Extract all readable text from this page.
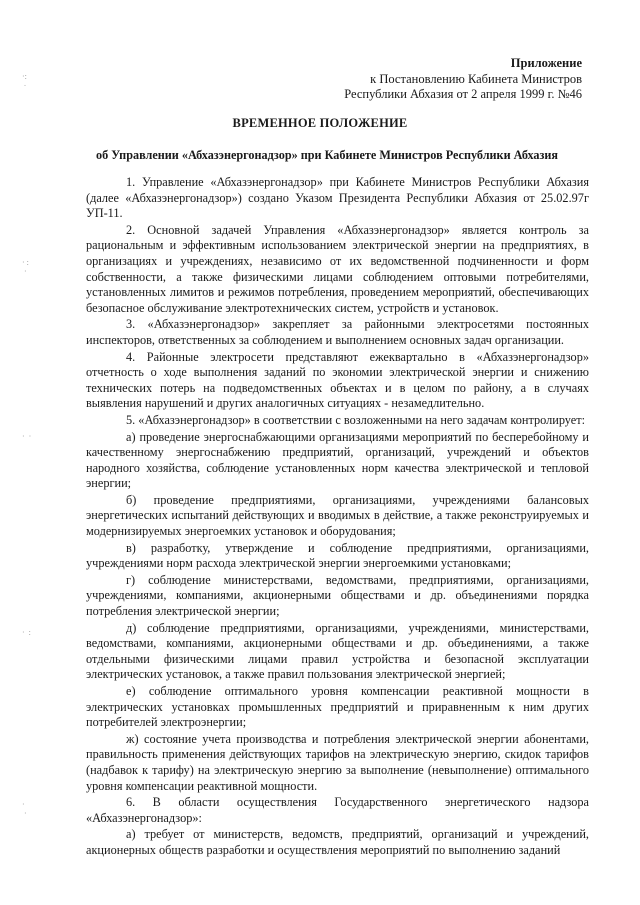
·:
∙
· :
·
·  ·
·  :
·
·
Приложение
к Постановлению Кабинета Министров
Республики Абхазия от 2 апреля 1999 г. №46
ВРЕМЕННОЕ ПОЛОЖЕНИЕ
об Управлении «Абхазэнергонадзор» при Кабинете Министров Республики Абхазия

1. Управление «Абхазэнергонадзор» при Кабинете Министров Республики Абхазия (далее «Абхазэнергонадзор») создано Указом Президента Республики Абхазия от 25.02.97г УП-11.

2. Основной задачей Управления «Абхазэнергонадзор» является контроль за рациональным и эффективным использованием электрической энергии на предприятиях, в организациях и учреждениях, независимо от их ведомственной подчиненности и форм собственности, а также физическими лицами соблюдением оптовыми потребителями, установленных лимитов и режимов потребления, проведением мероприятий, обеспечивающих безопасное обслуживание электротехнических систем, устройств и установок.

3. «Абхазэнергонадзор» закрепляет за районными электросетями постоянных инспекторов, ответственных за соблюдением и выполнением основных задач организации.

4. Районные электросети представляют ежеквартально в «Абхазэнергонадзор» отчетность о ходе выполнения заданий по экономии электрической энергии и снижению технических потерь на подведомственных объектах и в целом по району, а в случаях выявления нарушений и других аналогичных ситуациях - незамедлительно.

5. «Абхазэнергонадзор» в соответствии с возложенными на него задачам контролирует:

а) проведение энергоснабжающими организациями мероприятий по бесперебойному и качественному энергоснабжению предприятий, организаций, учреждений и объектов народного хозяйства, соблюдение установленных норм качества электрической и тепловой энергии;

б) проведение предприятиями, организациями, учреждениями балансовых энергетических испытаний действующих и вводимых в действие, а также реконструируемых и модернизируемых энергоемких установок и оборудования;

в) разработку, утверждение и соблюдение предприятиями, организациями, учреждениями норм расхода электрической энергии энергоемкими установками;

г) соблюдение министерствами, ведомствами, предприятиями, организациями, учреждениями, компаниями, акционерными обществами и др. объединениями порядка потребления электрической энергии;

д) соблюдение предприятиями, организациями, учреждениями, министерствами, ведомствами, компаниями, акционерными обществами и др. объединениями, а также отдельными физическими лицами правил устройства и безопасной эксплуатации электрических установок, а также правил пользования электрической энергией;

е) соблюдение оптимального уровня компенсации реактивной мощности в электрических установках промышленных предприятий и приравненным к ним других потребителей электроэнергии;

ж) состояние учета производства и потребления электрической энергии абонентами, правильность применения действующих тарифов на электрическую энергию, скидок тарифов (надбавок к тарифу) на электрическую энергию за выполнение (невыполнение) оптимального уровня компенсации реактивной мощности.

6. В области осуществления Государственного энергетического надзора «Абхазэнергонадзор»:

а) требует от министерств, ведомств, предприятий, организаций и учреждений, акционерных обществ разработки и осуществления мероприятий по выполнению заданий
